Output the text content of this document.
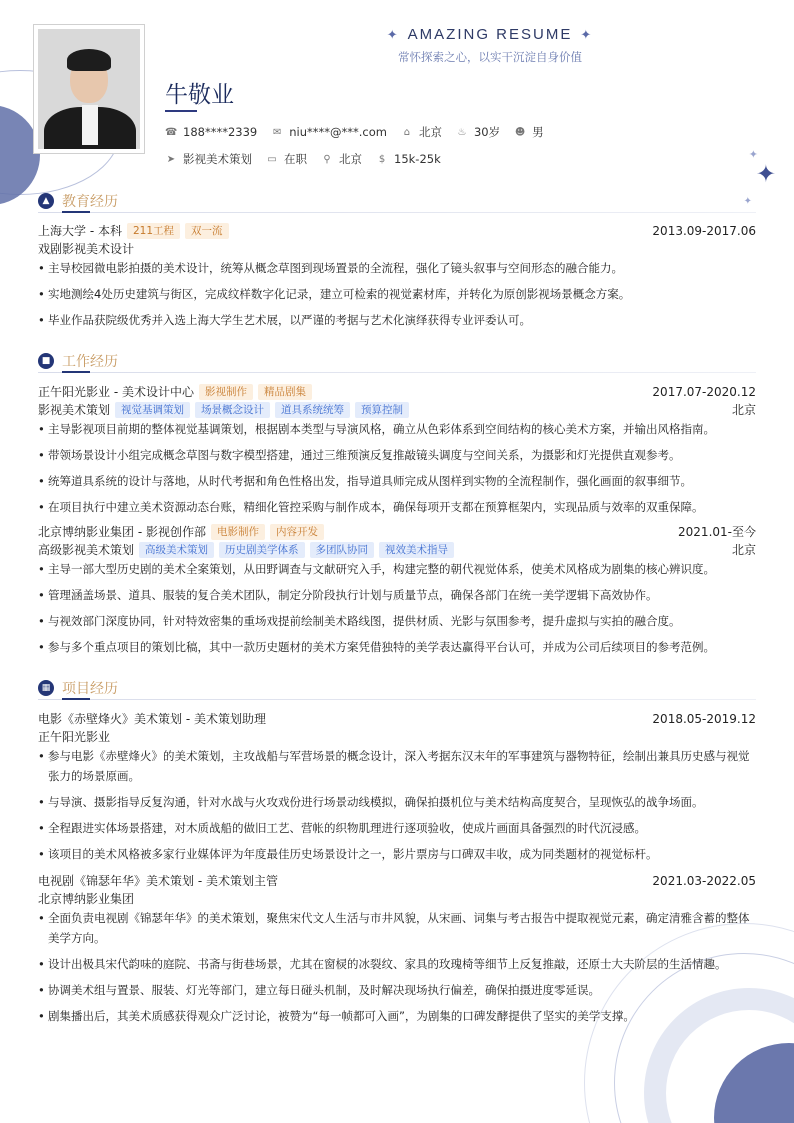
✦
✦
✦
✦ AMAZING RESUME ✦
常怀探索之心，以实干沉淀自身价值
牛敬业
☎ 188****2339 ✉ niu****@***.com ⌂ 北京 ♨ 30岁 ☻ 男
➤ 影视美术策划 ▭ 在职 ⚲ 北京 $ 15k-25k
▲ 教育经历
上海大学 - 本科	211工程	双一流	2013.09-2017.06
戏剧影视美术设计
• 主导校园微电影拍摄的美术设计，统筹从概念草图到现场置景的全流程，强化了镜头叙事与空间形态的融合能力。
• 实地测绘4处历史建筑与街区，完成纹样数字化记录，建立可检索的视觉素材库，并转化为原创影视场景概念方案。
• 毕业作品获院级优秀并入选上海大学生艺术展，以严谨的考据与艺术化演绎获得专业评委认可。
■ 工作经历
正午阳光影业 - 美术设计中心	影视制作	精品剧集	2017.07-2020.12
影视美术策划	视觉基调策划	场景概念设计	道具系统统筹	预算控制	北京
• 主导影视项目前期的整体视觉基调策划，根据剧本类型与导演风格，确立从色彩体系到空间结构的核心美术方案，并输出风格指南。
• 带领场景设计小组完成概念草图与数字模型搭建，通过三维预演反复推敲镜头调度与空间关系，为摄影和灯光提供直观参考。
• 统筹道具系统的设计与落地，从时代考据和角色性格出发，指导道具师完成从图样到实物的全流程制作，强化画面的叙事细节。
• 在项目执行中建立美术资源动态台账，精细化管控采购与制作成本，确保每项开支都在预算框架内，实现品质与效率的双重保障。
北京博纳影业集团 - 影视创作部	电影制作	内容开发	2021.01-至今
高级影视美术策划	高级美术策划	历史剧美学体系	多团队协同	视效美术指导	北京
• 主导一部大型历史剧的美术全案策划，从田野调查与文献研究入手，构建完整的朝代视觉体系，使美术风格成为剧集的核心辨识度。
• 管理涵盖场景、道具、服装的复合美术团队，制定分阶段执行计划与质量节点，确保各部门在统一美学逻辑下高效协作。
• 与视效部门深度协同，针对特效密集的重场戏提前绘制美术路线图，提供材质、光影与氛围参考，提升虚拟与实拍的融合度。
• 参与多个重点项目的策划比稿，其中一款历史题材的美术方案凭借独特的美学表达赢得平台认可，并成为公司后续项目的参考范例。
▦ 项目经历
电影《赤壁烽火》美术策划 - 美术策划助理	2018.05-2019.12
正午阳光影业
• 参与电影《赤壁烽火》的美术策划，主攻战船与军营场景的概念设计，深入考据东汉末年的军事建筑与器物特征，绘制出兼具历史感与视觉张力的场景原画。
• 与导演、摄影指导反复沟通，针对水战与火攻戏份进行场景动线模拟，确保拍摄机位与美术结构高度契合，呈现恢弘的战争场面。
• 全程跟进实体场景搭建，对木质战船的做旧工艺、营帐的织物肌理进行逐项验收，使成片画面具备强烈的时代沉浸感。
• 该项目的美术风格被多家行业媒体评为年度最佳历史场景设计之一，影片票房与口碑双丰收，成为同类题材的视觉标杆。
电视剧《锦瑟年华》美术策划 - 美术策划主管	2021.03-2022.05
北京博纳影业集团
• 全面负责电视剧《锦瑟年华》的美术策划，聚焦宋代文人生活与市井风貌，从宋画、词集与考古报告中提取视觉元素，确定清雅含蓄的整体美学方向。
• 设计出极具宋代韵味的庭院、书斋与街巷场景，尤其在窗棂的冰裂纹、家具的玫瑰椅等细节上反复推敲，还原士大夫阶层的生活情趣。
• 协调美术组与置景、服装、灯光等部门，建立每日碰头机制，及时解决现场执行偏差，确保拍摄进度零延误。
• 剧集播出后，其美术质感获得观众广泛讨论，被赞为“每一帧都可入画”，为剧集的口碑发酵提供了坚实的美学支撑。
